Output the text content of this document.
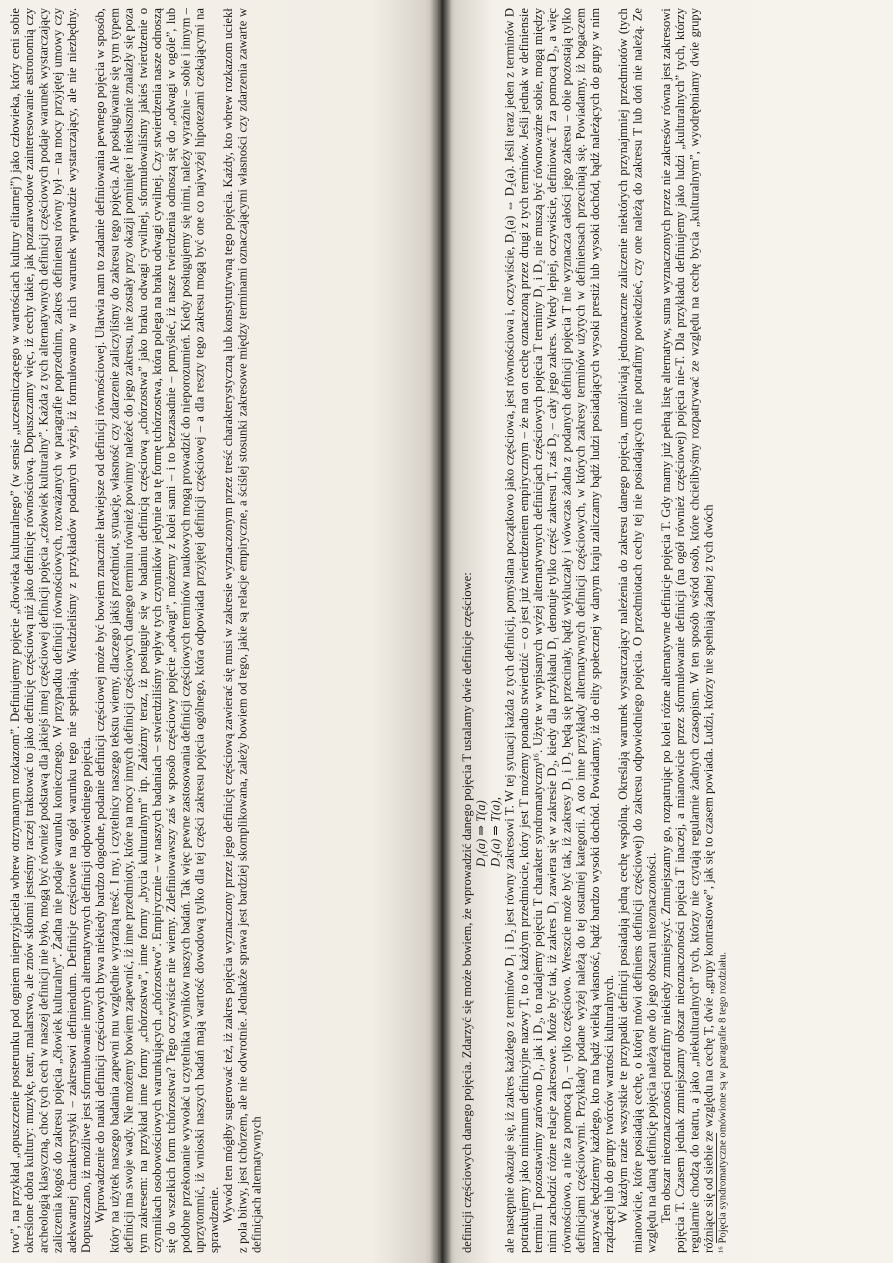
two”, na przykład „opuszczenie posterunku pod ogniem nieprzyjaciela wbrew otrzymanym rozkazom”. Definiujemy pojęcie „čłowieka kulturalnego” (w sensie „uczestniczącego w wartościach kultury elitarnej”) jako człowieka, który ceni sobie określone dobra kultury: muzykę, teatr, malarstwo, ale znów skłonni jesteśmy raczej traktować to jako definicję częściową niż jako definicję równościową. Dopuszczamy więc, iż cechy takie, jak pozarawodowe zainteresowanie astronomią czy archeologią klasyczną, choć tych cech w naszej definicji nie było, mogą być również podstawą dla jakiejś innej częściowej definicji pojęcia „człowiek kulturalny”. Każda z tych alternatywnych definicji częściowych podaje warunek wystarczający zaliczenia kogoś do zakresu pojęcia „čłowiek kulturalny”. Żadna nie podaje warunku koniecznego. W przypadku definicji równościowych, rozważanych w paragrafie poprzednim, zakres definiensu równy był – na mocy przyjętej umowy czy adekwatnej charakterystyki – zakresowi definiendum. Definicje częściowe na ogół warunku tego nie spełniają. Wiedzieliśmy z przykładów podanych wyżej, iż formułowano w nich warunek wprawdzie wystarczający, ale nie niezbędny. Dopuszczano, iż możliwe jest sformułowanie innych alternatywnych definicji odpowiedniego pojęcia. Wprowadzenie do nauki definicji częściowych bywa niekiedy bardzo dogodne, podanie definicji częściowej może być bowiem znacznie łatwiejsze od definicji równościowej. Ułatwia nam to zadanie definiowania pewnego pojęcia w sposób, który na użytek naszego badania zapewni mu względnie wyraźną treść. I my, i czytelnicy naszego tekstu wiemy, dlaczego jakiś przedmiot, sytuację, własność czy zdarzenie zaliczyliśmy do zakresu tego pojęcia. Ale posługiwanie się tym typem definicji ma swoje wady. Nie możemy bowiem zapewnić, iż inne przedmioty, które na mocy innych definicji częściowych danego terminu również powinny należeć do jego zakresu, nie zostały przy okazji pominięte i niesłusznie znalazły się poza tym zakresem: na przykład inne formy „chórzostwa”, inne formy „bycia kulturalnym” itp. Załóżmy teraz, iż posługuje się w badaniu definicją częściową „chórzostwa” jako braku odwagi cywilnej, sformułowaliśmy jakieś twierdzenie o czynnikach osobowościowych warunkujących „chórzostwo”. Empirycznie – w naszych badaniach – stwierdziliśmy wpływ tych czynników jedynie na tę formę tchórzostwa, która polega na braku odwagi cywilnej. Czy stwierdzenia nasze odnoszą się do wszelkich form tchórzostwa? Tego oczywiście nie wiemy. Zdefiniowawszy zaś w sposób częściowy pojęcie „odwagi”, możemy z kolei sami – i to bezzasadnie – pomyśleć, iż nasze twierdzenia odnoszą się do „odwagi w ogóle”, lub podobne przekonanie wywołać u czytelnika wyników naszych badań. Tak więc pewne zastosowania definicji częściowych terminów naukowych mogą prowadzić do nieporozumień. Kiedy posługujemy się nimi, należy wyraźnie – sobie i innym – uprzytomnić, iż wnioski naszych badań mają wartość dowodową tylko dla tej części zakresu pojęcia ogólnego, która odpowiada przyjętej definicji częściowej – a dla reszty tego zakresu mogą być one co najwyżej hipotezami czekającymi na sprawdzenie. Wywód ten mógłby sugerować też, iż zakres pojęcia wyznaczony przez jego definicję częściową zawierać się musi w zakresie wyznaczonym przez treść charakterystyczną lub konstytutywną tego pojęcia. Każdy, kto wbrew rozkazom uciekł z pola bitwy, jest tchórzem, ale nie odwrotnie. Jednakże sprawa jest bardziej skomplikowana, zależy bowiem od tego, jakie są relacje empiryczne, a ściślej stosunki zakresowe między terminami oznaczającymi własności czy zdarzenia zawarte w definicjach alternatywnych	definicji częściowych danego pojęcia. Zdarzyć się może bowiem, że wprowadzić danego pojęcia T ustalamy dwie definicje częściowe: D₁(a) ⇒ T(a) D₂(a) ⇒ T(a), ale następnie okazuje się, iż zakres każdego z terminów D₁ i D₂ jest równy zakresowi T. W tej sytuacji każda z tych definicji, pomyślana początkowo jako częściowa, jest równościowa i, oczywiście, D₁(a) ⇔ D₂(a). Jeśli teraz jeden z terminów D potraktujemy jako minimum definicyjne nazwy T, to o każdym przedmiocie, który jest T możemy ponadto stwierdzić – co jest już twierdzeniem empirycznym – że ma on cechę oznaczoną przez drugi z tych terminów. Jeśli jednak w definiensie terminu T pozostawimy zarówno D₁, jak i D₂, to nadajemy pojęciu T charakter syndromatyczny¹⁶. Użyte w wypisanych wyżej alternatywnych definicjach częściowych pojęcia T terminy D₁ i D₂ nie muszą być równoważne sobie, mogą między nimi zachodzić różne relacje zakresowe. Może być tak, iż zakres D₁ zawiera się w zakresie D₂, kiedy dla przykładu D₁ denotuje tylko część zakresu T, zaś D₂ – cały jego zakres. Wtedy lepiej, oczywiście, definiować T za pomocą D₂, a więc równościowo, a nie za pomocą D₁ – tylko częściowo. Wreszcie może być tak, iż zakresy D₁ i D₂ będą się przecinały, bądź wykluczały i wówczas żadna z podanych definicji pojęcia T nie wyznacza całości jego zakresu – obie pozostają tylko definicjami częściowymi. Przykłady podane wyżej należą do tej ostatniej kategorii. A oto inne przykłady alternatywnych definicji częściowych, w których zakresy terminów użytych w definiensach przecinają się. Powiadamy, iż bogaczem nazywać będziemy każdego, kto ma bądź wielką własność, bądź bardzo wysoki dochód. Powiadamy, iż do elity społecznej w danym kraju zaliczamy bądź ludzi posiadających wysoki prestiż lub wysoki dochód, bądź należących do grupy w nim rządzącej lub do grupy twórców wartości kulturalnych. W każdym razie wszystkie te przypadki definicji posiadają jedną cechę wspólną. Określają warunek wystarczający należenia do zakresu danego pojęcia, umożliwiają jednoznaczne zaliczenie niektórych przynajmniej przedmiotów (tych mianowicie, które posiadają cechę, o której mówi definiens definicji częściowej) do zakresu odpowiedniego pojęcia. O przedmiotach cechy tej nie posiadających nie potrafimy powiedzieć, czy one należą do zakresu T lub doń nie należą. Ze względu na daną definicję pojęcia należą one do jego obszaru nieoznaczoności. Ten obszar nieoznaczoności potrafimy niekiedy zmniejszyć. Zmniejszamy go, rozpatrując po kolei różne alternatywne definicje pojęcia T. Gdy mamy już pełną listę alternatyw, suma wyznaczonych przez nie zakresów równa jest zakresowi pojęcia T. Czasem jednak zmniejszamy obszar nieoznaczoności pojęcia T inaczej, a mianowicie przez sformułowanie definicji (na ogół również częściowej) pojęcia nie-T. Dla przykładu definiujemy jako ludzi „kulturalnych” tych, którzy regularnie chodzą do teatru, a jako „niekulturalnych” tych, którzy nie czytają regularnie żadnych czasopism. W ten sposób wśród osób, które chcielibyśmy rozpatrywać ze względu na cechę bycia „kulturalnym”, wyodrębniamy dwie grupy różniące się od siebie ze względu na cechę T, dwie „grupy kontrastowe”, jak się to czasem powiada. Ludzi, którzy nie spełniają żadnej z tych dwóch ¹⁶ Pojęcia syndromatyczne omówione są w paragrafie 8 tego rozdziału.
